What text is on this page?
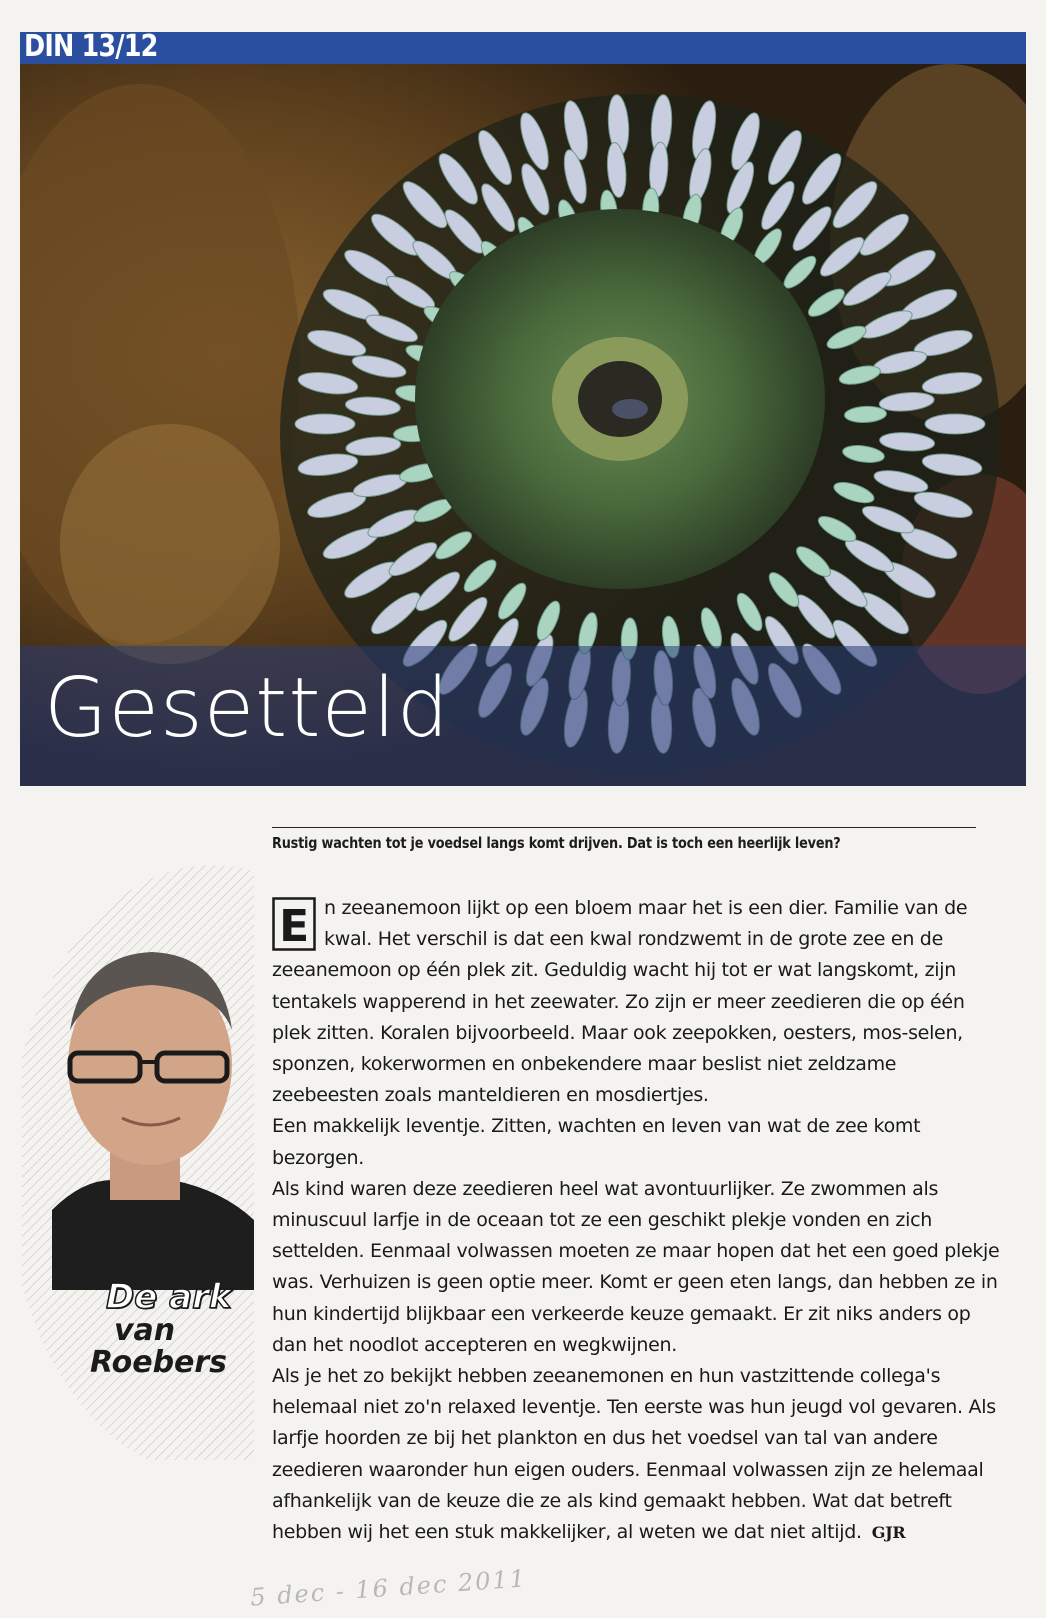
DIN 13/12
Gesetteld
Rustig wachten tot je voedsel langs komt drijven. Dat is toch een heerlijk leven?
De ark
van
Roebers

E n zeeanemoon lijkt op een bloem maar het is een dier. Familie van de kwal. Het verschil is dat een kwal rondzwemt in de grote zee en de zeeanemoon op één plek zit. Geduldig wacht hij tot er wat langskomt, zijn tentakels wapperend in het zeewater. Zo zijn er meer zeedieren die op één plek zitten. Koralen bijvoorbeeld. Maar ook zeepokken, oesters, mos-selen, sponzen, kokerwormen en onbekendere maar beslist niet zeldzame zeebeesten zoals manteldieren en mosdiertjes.

Een makkelijk leventje. Zitten, wachten en leven van wat de zee komt bezorgen.

Als kind waren deze zeedieren heel wat avontuurlijker. Ze zwommen als minuscuul larfje in de oceaan tot ze een geschikt plekje vonden en zich settelden. Eenmaal volwassen moeten ze maar hopen dat het een goed plekje was. Verhuizen is geen optie meer. Komt er geen eten langs, dan hebben ze in hun kindertijd blijkbaar een verkeerde keuze gemaakt. Er zit niks anders op dan het noodlot accepteren en wegkwijnen.

Als je het zo bekijkt hebben zeeanemonen en hun vastzittende collega's helemaal niet zo'n relaxed leventje. Ten eerste was hun jeugd vol gevaren. Als larfje hoorden ze bij het plankton en dus het voedsel van tal van andere zeedieren waaronder hun eigen ouders. Eenmaal volwassen zijn ze helemaal afhankelijk van de keuze die ze als kind gemaakt hebben. Wat dat betreft hebben wij het een stuk makkelijker, al weten we dat niet altijd. GJR

5 dec - 16 dec 2011
